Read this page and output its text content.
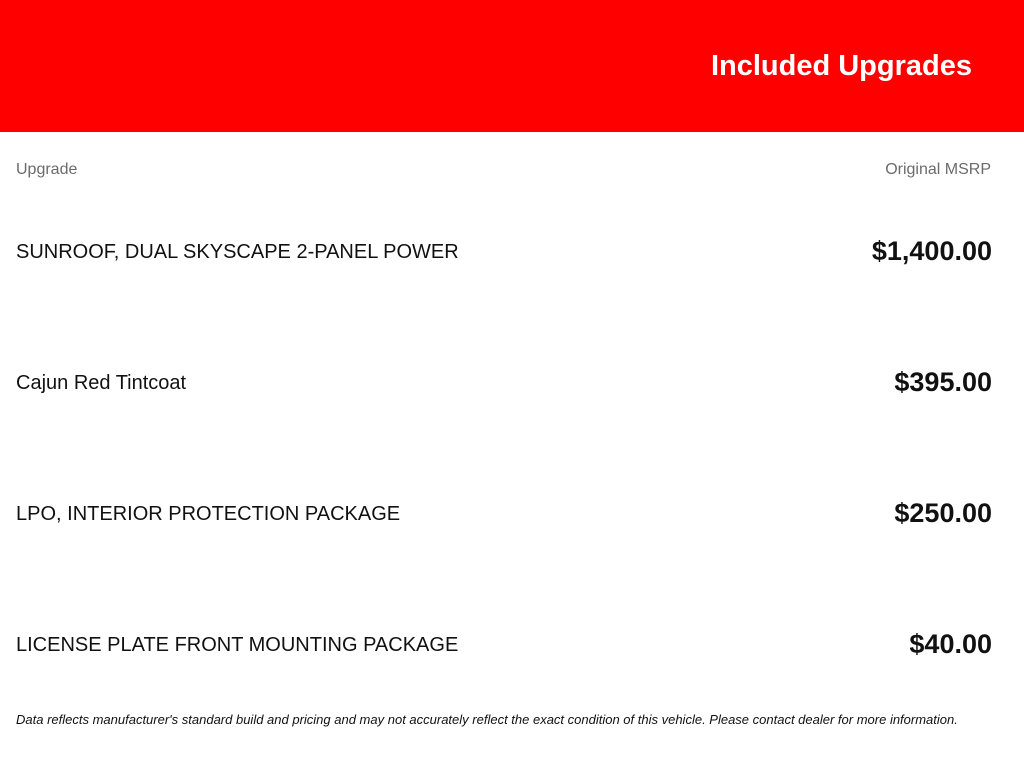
Included Upgrades
Upgrade	Original MSRP
SUNROOF, DUAL SKYSCAPE 2-PANEL POWER	$1,400.00
Cajun Red Tintcoat	$395.00
LPO, INTERIOR PROTECTION PACKAGE	$250.00
LICENSE PLATE FRONT MOUNTING PACKAGE	$40.00
Data reflects manufacturer's standard build and pricing and may not accurately reflect the exact condition of this vehicle. Please contact dealer for more information.
